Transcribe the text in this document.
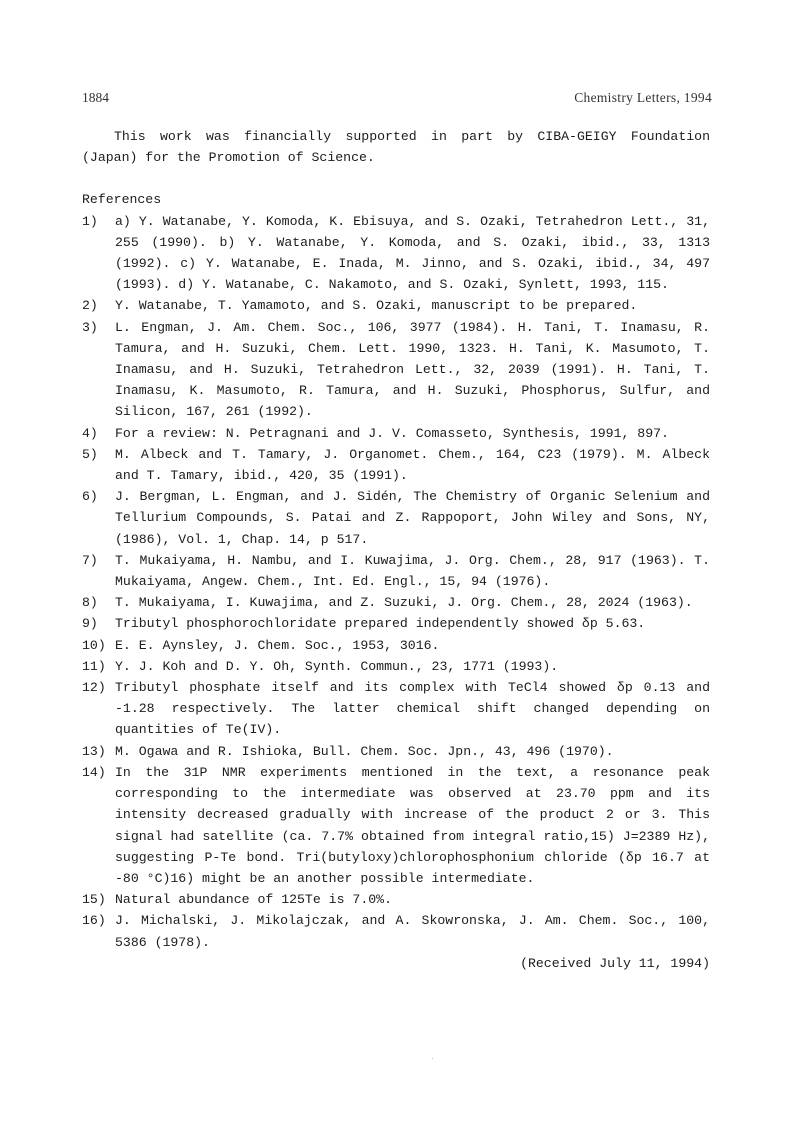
1884	Chemistry Letters, 1994

This work was financially supported in part by CIBA-GEIGY Foundation (Japan) for the Promotion of Science.

References
1)	a) Y. Watanabe, Y. Komoda, K. Ebisuya, and S. Ozaki, Tetrahedron Lett., 31, 255 (1990). b) Y. Watanabe, Y. Komoda, and S. Ozaki, ibid., 33, 1313 (1992). c) Y. Watanabe, E. Inada, M. Jinno, and S. Ozaki, ibid., 34, 497 (1993). d) Y. Watanabe, C. Nakamoto, and S. Ozaki, Synlett, 1993, 115.
2)	Y. Watanabe, T. Yamamoto, and S. Ozaki, manuscript to be prepared.
3)	L. Engman, J. Am. Chem. Soc., 106, 3977 (1984). H. Tani, T. Inamasu, R. Tamura, and H. Suzuki, Chem. Lett. 1990, 1323. H. Tani, K. Masumoto, T. Inamasu, and H. Suzuki, Tetrahedron Lett., 32, 2039 (1991). H. Tani, T. Inamasu, K. Masumoto, R. Tamura, and H. Suzuki, Phosphorus, Sulfur, and Silicon, 167, 261 (1992).
4)	For a review: N. Petragnani and J. V. Comasseto, Synthesis, 1991, 897.
5)	M. Albeck and T. Tamary, J. Organomet. Chem., 164, C23 (1979). M. Albeck and T. Tamary, ibid., 420, 35 (1991).
6)	J. Bergman, L. Engman, and J. Sidén, The Chemistry of Organic Selenium and Tellurium Compounds, S. Patai and Z. Rappoport, John Wiley and Sons, NY, (1986), Vol. 1, Chap. 14, p 517.
7)	T. Mukaiyama, H. Nambu, and I. Kuwajima, J. Org. Chem., 28, 917 (1963). T. Mukaiyama, Angew. Chem., Int. Ed. Engl., 15, 94 (1976).
8)	T. Mukaiyama, I. Kuwajima, and Z. Suzuki, J. Org. Chem., 28, 2024 (1963).
9)	Tributyl phosphorochloridate prepared independently showed δp 5.63.
10) E. E. Aynsley, J. Chem. Soc., 1953, 3016.
11) Y. J. Koh and D. Y. Oh, Synth. Commun., 23, 1771 (1993).
12) Tributyl phosphate itself and its complex with TeCl4 showed δp 0.13 and -1.28 respectively. The latter chemical shift changed depending on quantities of Te(IV).
13) M. Ogawa and R. Ishioka, Bull. Chem. Soc. Jpn., 43, 496 (1970).
14) In the 31P NMR experiments mentioned in the text, a resonance peak corresponding to the intermediate was observed at 23.70 ppm and its intensity decreased gradually with increase of the product 2 or 3. This signal had satellite (ca. 7.7% obtained from integral ratio,15) J=2389 Hz), suggesting P-Te bond. Tri(butyloxy)chlorophosphonium chloride (δp 16.7 at -80 °C)16) might be an another possible intermediate.
15) Natural abundance of 125Te is 7.0%.
16) J. Michalski, J. Mikolajczak, and A. Skowronska, J. Am. Chem. Soc., 100, 5386 (1978).
(Received July 11, 1994)
